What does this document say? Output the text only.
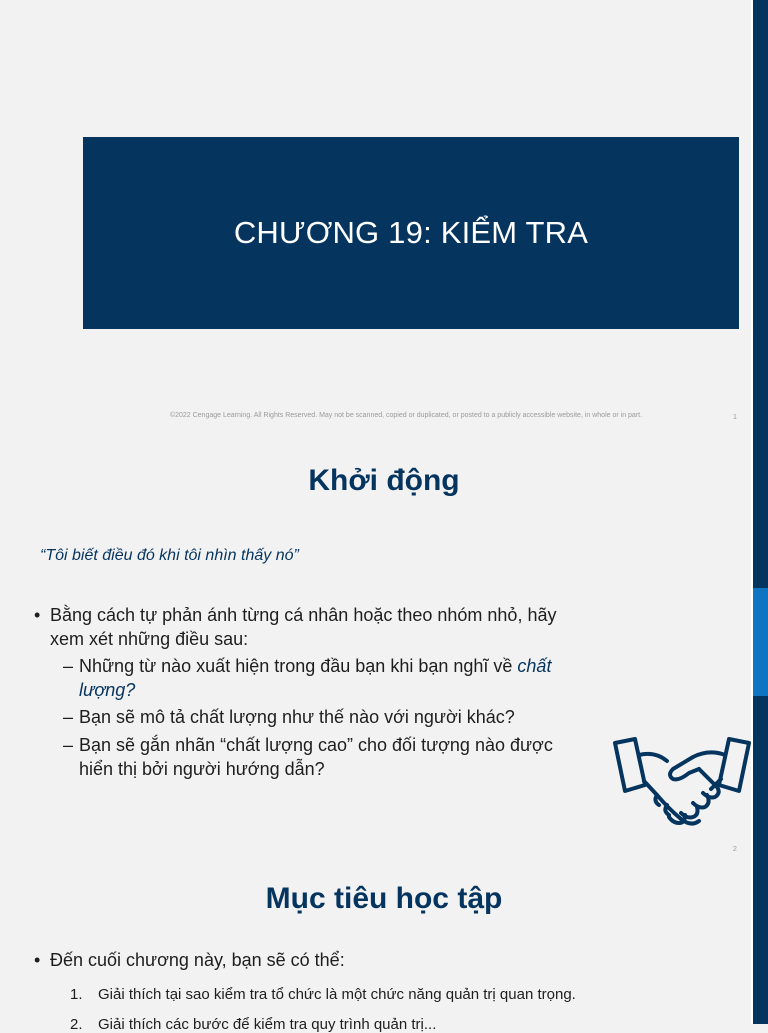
CHƯƠNG 19: KIỂM TRA
©2022 Cengage Learning. All Rights Reserved. May not be scanned, copied or duplicated, or posted to a publicly accessible website, in whole or in part.	1
Khởi động
“Tôi biết điều đó khi tôi nhìn thấy nó”
• Bằng cách tự phản ánh từng cá nhân hoặc theo nhóm nhỏ, hãy
xem xét những điều sau:
– Những từ nào xuất hiện trong đầu bạn khi bạn nghĩ về chất
lượng?
– Bạn sẽ mô tả chất lượng như thế nào với người khác?
– Bạn sẽ gắn nhãn “chất lượng cao” cho đối tượng nào được
hiển thị bởi người hướng dẫn?
2
Mục tiêu học tập
• Đến cuối chương này, bạn sẽ có thể:
1. Giải thích tại sao kiểm tra tổ chức là một chức năng quản trị quan trọng.
2. Giải thích các bước để kiểm tra quy trình quản trị...
